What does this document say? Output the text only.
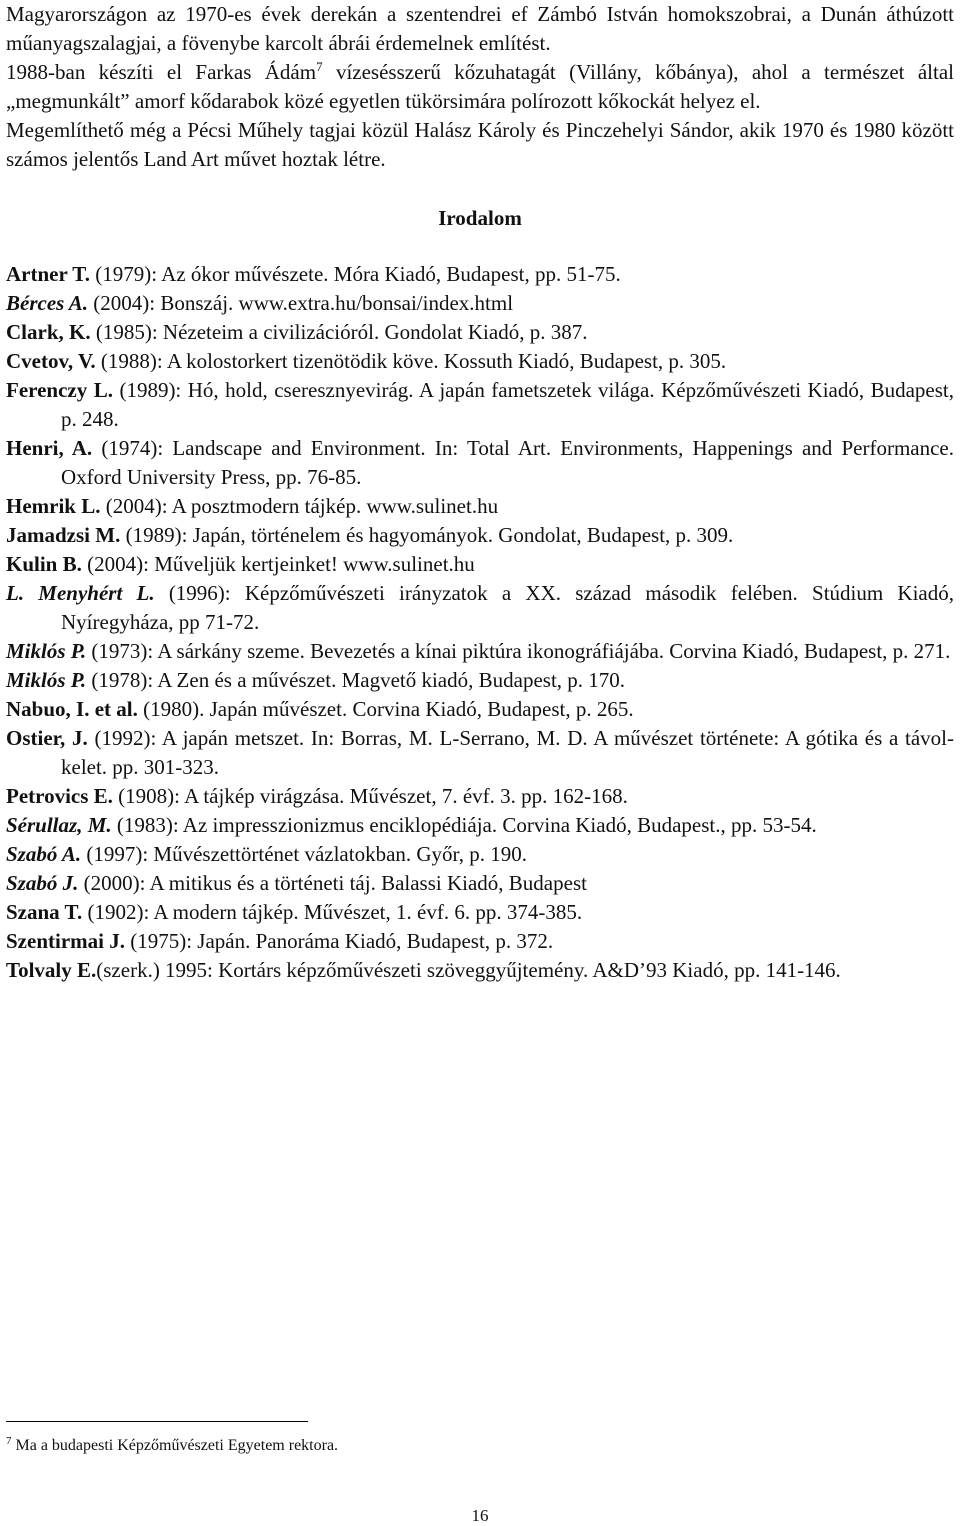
Magyarországon az 1970-es évek derekán a szentendrei ef Zámbó István homokszobrai, a Dunán áthúzott műanyagszalagjai, a fövenybe karcolt ábrái érdemelnek említést.

1988-ban készíti el Farkas Ádám$^7$ vízesésszerű kőzuhatagát (Villány, kőbánya), ahol a természet által „megmunkált” amorf kődarabok közé egyetlen tükörsimára polírozott kőkockát helyez el.

Megemlíthető még a Pécsi Műhely tagjai közül Halász Károly és Pinczehelyi Sándor, akik 1970 és 1980 között számos jelentős Land Art művet hoztak létre.

Irodalom
Artner T. (1979): Az ókor művészete. Móra Kiadó, Budapest, pp. 51-75.
Bérces A. (2004): Bonszáj. www.extra.hu/bonsai/index.html
Clark, K. (1985): Nézeteim a civilizációról. Gondolat Kiadó, p. 387.
Cvetov, V. (1988): A kolostorkert tizenötödik köve. Kossuth Kiadó, Budapest, p. 305.
Ferenczy L. (1989): Hó, hold, cseresznyevirág. A japán fametszetek világa. Képzőművészeti Kiadó, Budapest, p. 248.
Henri, A. (1974): Landscape and Environment. In: Total Art. Environments, Happenings and Performance. Oxford University Press, pp. 76-85.
Hemrik L. (2004): A posztmodern tájkép. www.sulinet.hu
Jamadzsi M. (1989): Japán, történelem és hagyományok. Gondolat, Budapest, p. 309.
Kulin B. (2004): Műveljük kertjeinket! www.sulinet.hu
L. Menyhért L. (1996): Képzőművészeti irányzatok a XX. század második felében. Stúdium Kiadó, Nyíregyháza, pp 71-72.
Miklós P. (1973): A sárkány szeme. Bevezetés a kínai piktúra ikonográfiájába. Corvina Kiadó, Budapest, p. 271.
Miklós P. (1978): A Zen és a művészet. Magvető kiadó, Budapest, p. 170.
Nabuo, I. et al. (1980). Japán művészet. Corvina Kiadó, Budapest, p. 265.
Ostier, J. (1992): A japán metszet. In: Borras, M. L-Serrano, M. D. A művészet története: A gótika és a távol-kelet. pp. 301-323.
Petrovics E. (1908): A tájkép virágzása. Művészet, 7. évf. 3. pp. 162-168.
Sérullaz, M. (1983): Az impresszionizmus enciklopédiája. Corvina Kiadó, Budapest., pp. 53-54.
Szabó A. (1997): Művészettörténet vázlatokban. Győr, p. 190.
Szabó J. (2000): A mitikus és a történeti táj. Balassi Kiadó, Budapest
Szana T. (1902): A modern tájkép. Művészet, 1. évf. 6. pp. 374-385.
Szentirmai J. (1975): Japán. Panoráma Kiadó, Budapest, p. 372.
Tolvaly E.(szerk.) 1995: Kortárs képzőművészeti szöveggyűjtemény. A&D’93 Kiadó, pp. 141-146.
$^7$ Ma a budapesti Képzőművészeti Egyetem rektora.
16
